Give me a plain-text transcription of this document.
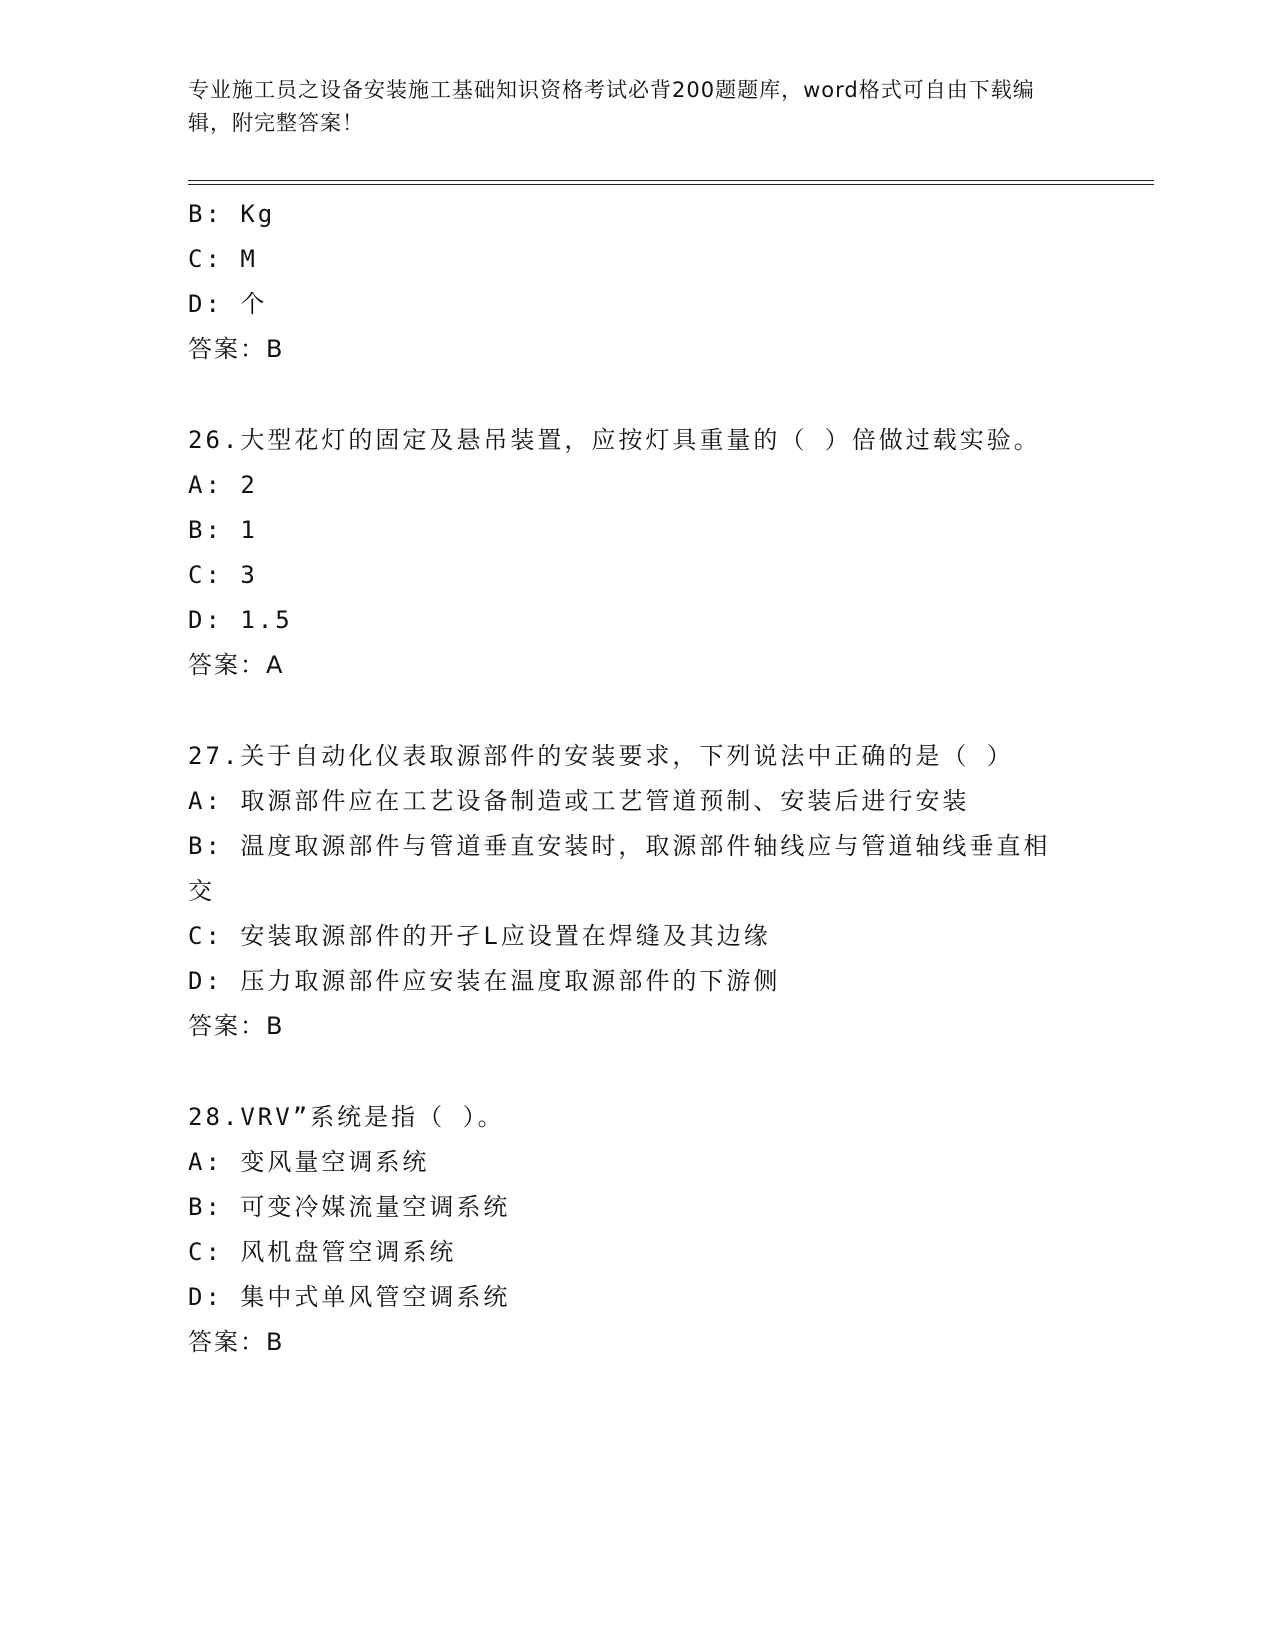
专业施工员之设备安装施工基础知识资格考试必背200题题库，word格式可自由下载编辑，附完整答案！

B: Kg

C: M

D: 个

答案：B

26.大型花灯的固定及悬吊装置，应按灯具重量的（ ）倍做过载实验。

A: 2

B: 1

C: 3

D: 1.5

答案：A

27.关于自动化仪表取源部件的安装要求，下列说法中正确的是（ ）

A: 取源部件应在工艺设备制造或工艺管道预制、安装后进行安装

B: 温度取源部件与管道垂直安装时，取源部件轴线应与管道轴线垂直相交

C: 安装取源部件的开孑L应设置在焊缝及其边缘

D: 压力取源部件应安装在温度取源部件的下游侧

答案：B

28.VRV”系统是指（ ）。

A: 变风量空调系统

B: 可变冷媒流量空调系统

C: 风机盘管空调系统

D: 集中式单风管空调系统

答案：B
